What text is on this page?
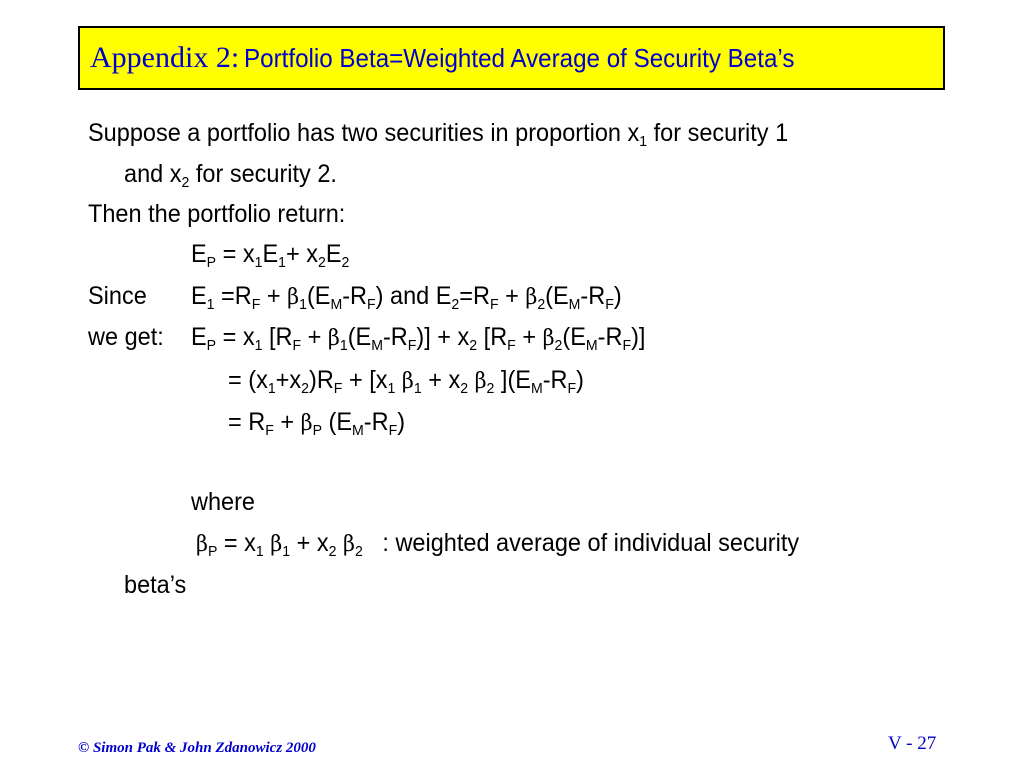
Appendix 2:
Portfolio Beta=Weighted Average of Security Beta’s
Suppose a portfolio has two securities in proportion $x_1$ for security 1
and $x_2$ for security 2.
Then the portfolio return:
$E_P = x_1E_1+ x_2E_2$
Since $E_1 =R_F + \beta_1(E_M-R_F)$ and $E_2=R_F + \beta_2(E_M-R_F)$
we get: $E_P = x_1$ $[R_F + \beta_1(E_M-R_F)] + x_2$ $[R_F + \beta_2(E_M-R_F)]$
= $(x_1+x_2)R_F + [x_1$ $\beta_1 + x_2$ $\beta_2$ ]$(E_M-R_F)$
= $R_F + \beta_P$ $(E_M-R_F)$
where
$\beta_P = x_1$ $\beta_1 + x_2$ $\beta_2$   : weighted average of individual security
beta’s
© Simon Pak & John Zdanowicz 2000	V - 27
